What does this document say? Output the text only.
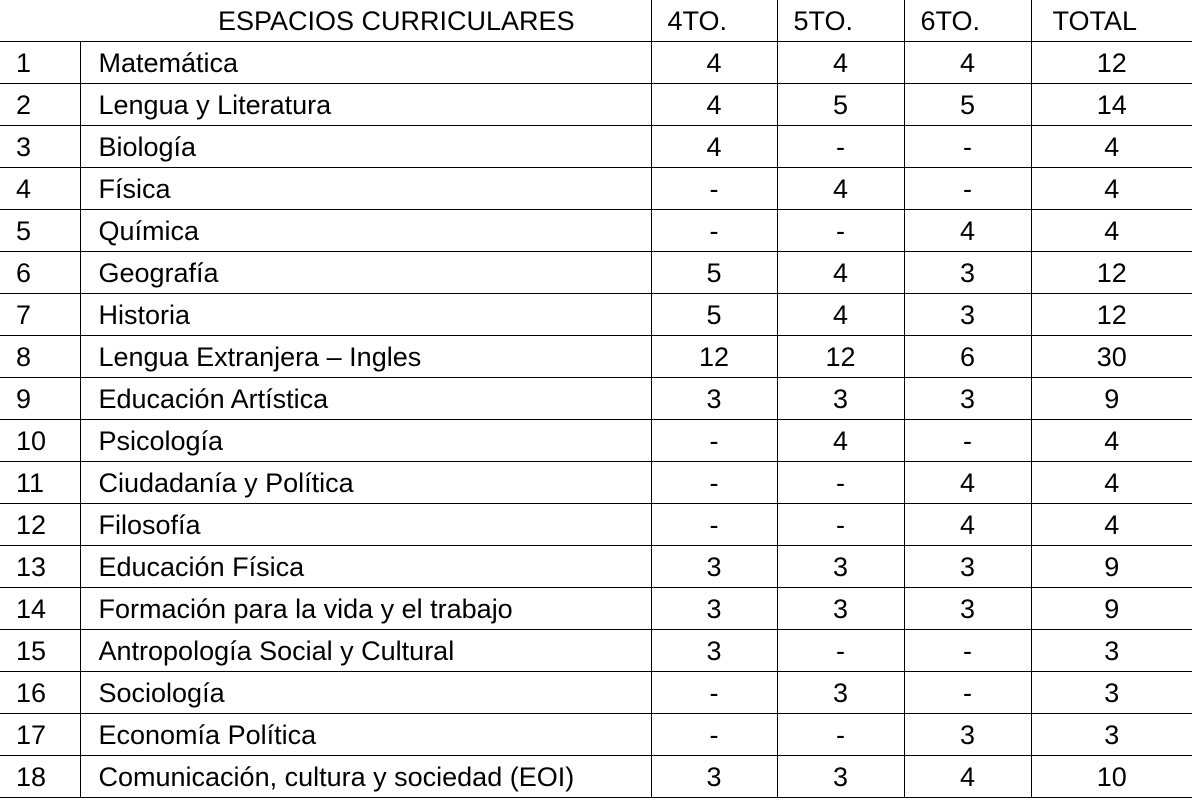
	ESPACIOS CURRICULARES	4TO.	5TO.	6TO.	TOTAL
1	Matemática	4	4	4	12
2	Lengua y Literatura	4	5	5	14
3	Biología	4	-	-	4
4	Física	-	4	-	4
5	Química	-	-	4	4
6	Geografía	5	4	3	12
7	Historia	5	4	3	12
8	Lengua Extranjera – Ingles	12	12	6	30
9	Educación Artística	3	3	3	9
10	Psicología	-	4	-	4
11	Ciudadanía y Política	-	-	4	4
12	Filosofía	-	-	4	4
13	Educación Física	3	3	3	9
14	Formación para la vida y el trabajo	3	3	3	9
15	Antropología Social y Cultural	3	-	-	3
16	Sociología	-	3	-	3
17	Economía Política	-	-	3	3
18	Comunicación, cultura y sociedad (EOI)	3	3	4	10
